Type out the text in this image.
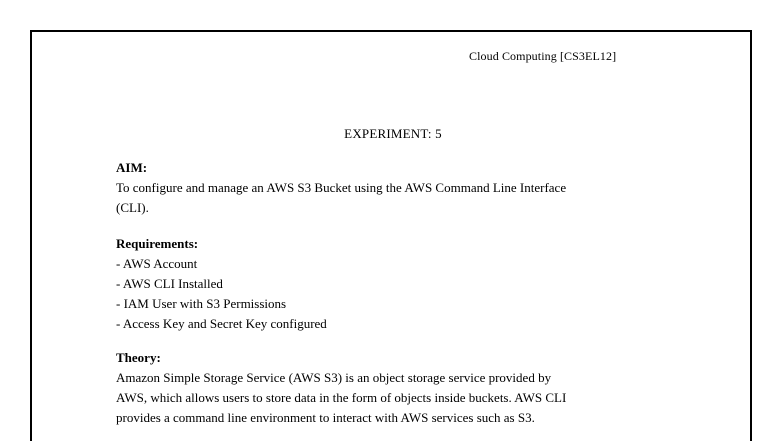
Cloud Computing [CS3EL12]
EXPERIMENT: 5
AIM:
To configure and manage an AWS S3 Bucket using the AWS Command Line Interface
(CLI).
Requirements:
- AWS Account
- AWS CLI Installed
- IAM User with S3 Permissions
- Access Key and Secret Key configured
Theory:
Amazon Simple Storage Service (AWS S3) is an object storage service provided by
AWS, which allows users to store data in the form of objects inside buckets. AWS CLI
provides a command line environment to interact with AWS services such as S3.
